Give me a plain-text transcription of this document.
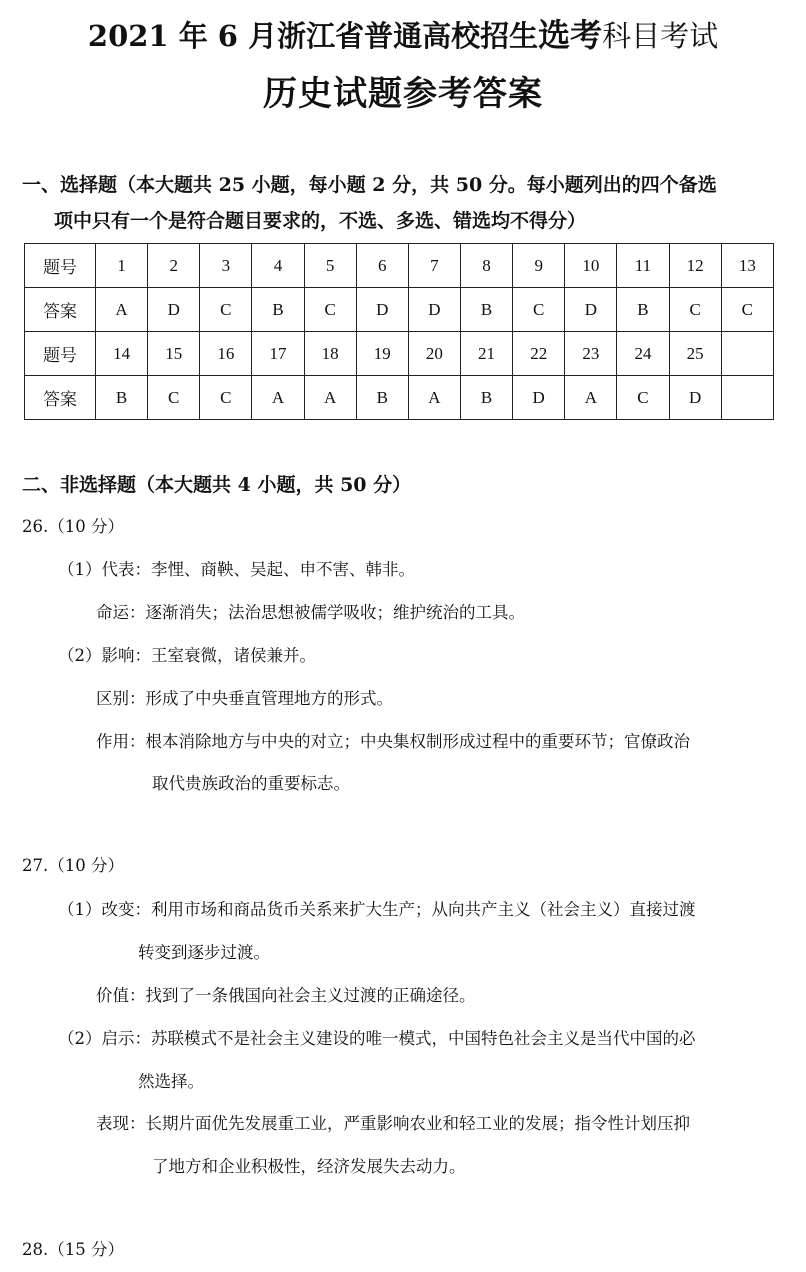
2021 年 6 月浙江省普通高校招生选考科目考试
历史试题参考答案
一、选择题（本大题共 25 小题，每小题 2 分，共 50 分。每小题列出的四个备选
项中只有一个是符合题目要求的，不选、多选、错选均不得分）
题号	1	2	3	4	5	6	7	8	9	10	11	12	13
答案	A	D	C	B	C	D	D	B	C	D	B	C	C
题号	14	15	16	17	18	19	20	21	22	23	24	25	
答案	B	C	C	A	A	B	A	B	D	A	C	D	
二、非选择题（本大题共 4 小题，共 50 分）
26.（10 分）
（1）代表：李悝、商鞅、吴起、申不害、韩非。
命运：逐渐消失；法治思想被儒学吸收；维护统治的工具。
（2）影响：王室衰微，诸侯兼并。
区别：形成了中央垂直管理地方的形式。
作用：根本消除地方与中央的对立；中央集权制形成过程中的重要环节；官僚政治
取代贵族政治的重要标志。
27.（10 分）
（1）改变：利用市场和商品货币关系来扩大生产；从向共产主义（社会主义）直接过渡
转变到逐步过渡。
价值：找到了一条俄国向社会主义过渡的正确途径。
（2）启示：苏联模式不是社会主义建设的唯一模式，中国特色社会主义是当代中国的必
然选择。
表现：长期片面优先发展重工业，严重影响农业和轻工业的发展；指令性计划压抑
了地方和企业积极性，经济发展失去动力。
28.（15 分）
